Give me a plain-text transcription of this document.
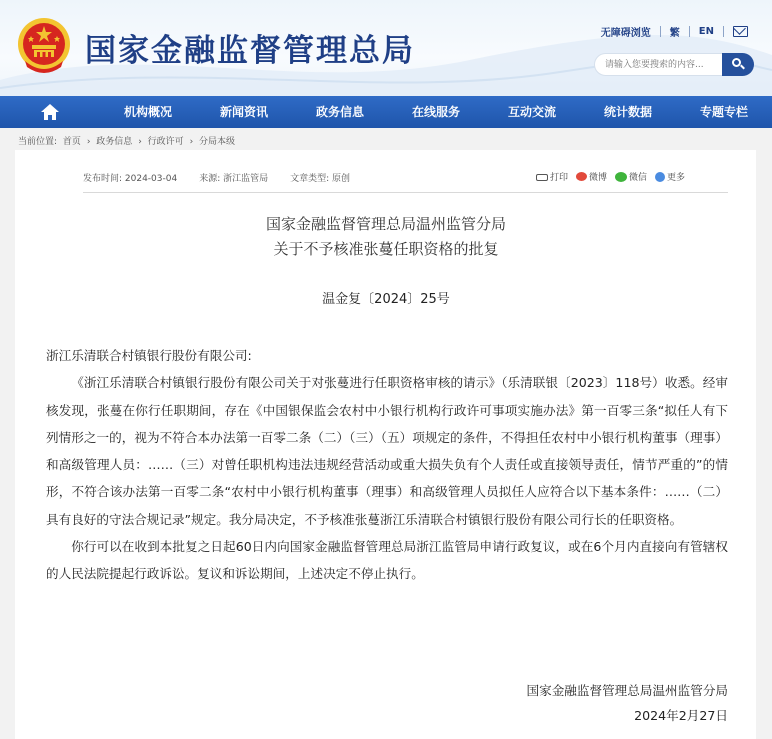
国家金融监督管理总局	无障碍浏览 繁 EN
请输入您要搜索的内容...
机构概况	新闻资讯	政务信息	在线服务	互动交流	统计数据	专题专栏
当前位置: 首页 › 政务信息 › 行政许可 › 分局本级
发布时间: 2024-03-04 来源: 浙江监管局 文章类型: 原创	打印 微博 微信 更多
国家金融监督管理总局温州监管分局
关于不予核准张蔓任职资格的批复
温金复〔2024〕25号

浙江乐清联合村镇银行股份有限公司:

《浙江乐清联合村镇银行股份有限公司关于对张蔓进行任职资格审核的请示》（乐清联银〔2023〕118号）收悉。经审核发现，张蔓在你行任职期间，存在《中国银保监会农村中小银行机构行政许可事项实施办法》第一百零三条“拟任人有下列情形之一的，视为不符合本办法第一百零二条（二）（三）（五）项规定的条件，不得担任农村中小银行机构董事（理事）和高级管理人员：……（三）对曾任职机构违法违规经营活动或重大损失负有个人责任或直接领导责任，情节严重的”的情形，不符合该办法第一百零二条“农村中小银行机构董事（理事）和高级管理人员拟任人应符合以下基本条件：……（二）具有良好的守法合规记录”规定。我分局决定，不予核准张蔓浙江乐清联合村镇银行股份有限公司行长的任职资格。

你行可以在收到本批复之日起60日内向国家金融监督管理总局浙江监管局申请行政复议，或在6个月内直接向有管辖权的人民法院提起行政诉讼。复议和诉讼期间，上述决定不停止执行。

国家金融监督管理总局温州监管分局
2024年2月27日
